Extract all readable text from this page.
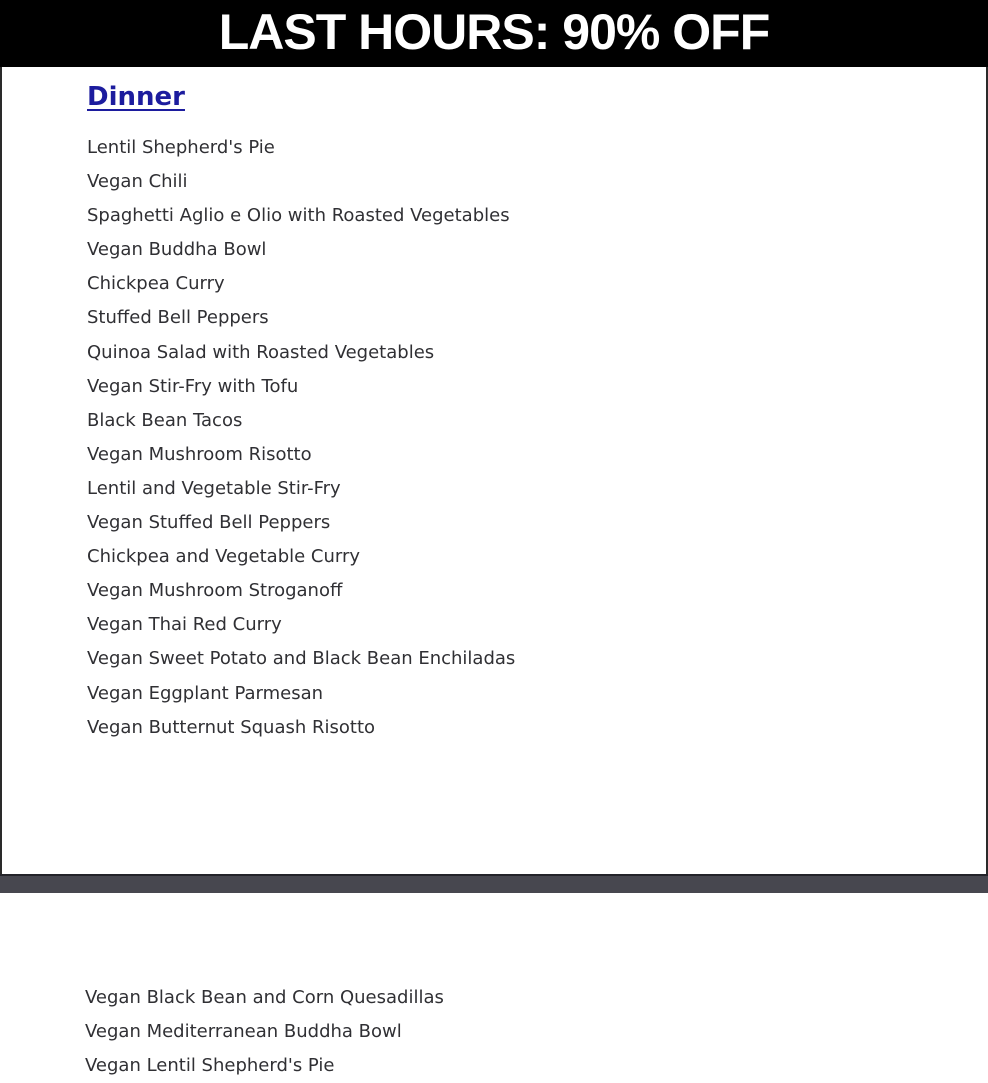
LAST HOURS: 90% OFF
Dinner
Lentil Shepherd's Pie
Vegan Chili
Spaghetti Aglio e Olio with Roasted Vegetables
Vegan Buddha Bowl
Chickpea Curry
Stuffed Bell Peppers
Quinoa Salad with Roasted Vegetables
Vegan Stir-Fry with Tofu
Black Bean Tacos
Vegan Mushroom Risotto
Lentil and Vegetable Stir-Fry
Vegan Stuffed Bell Peppers
Chickpea and Vegetable Curry
Vegan Mushroom Stroganoff
Vegan Thai Red Curry
Vegan Sweet Potato and Black Bean Enchiladas
Vegan Eggplant Parmesan
Vegan Butternut Squash Risotto
Vegan Black Bean and Corn Quesadillas
Vegan Mediterranean Buddha Bowl
Vegan Lentil Shepherd's Pie
